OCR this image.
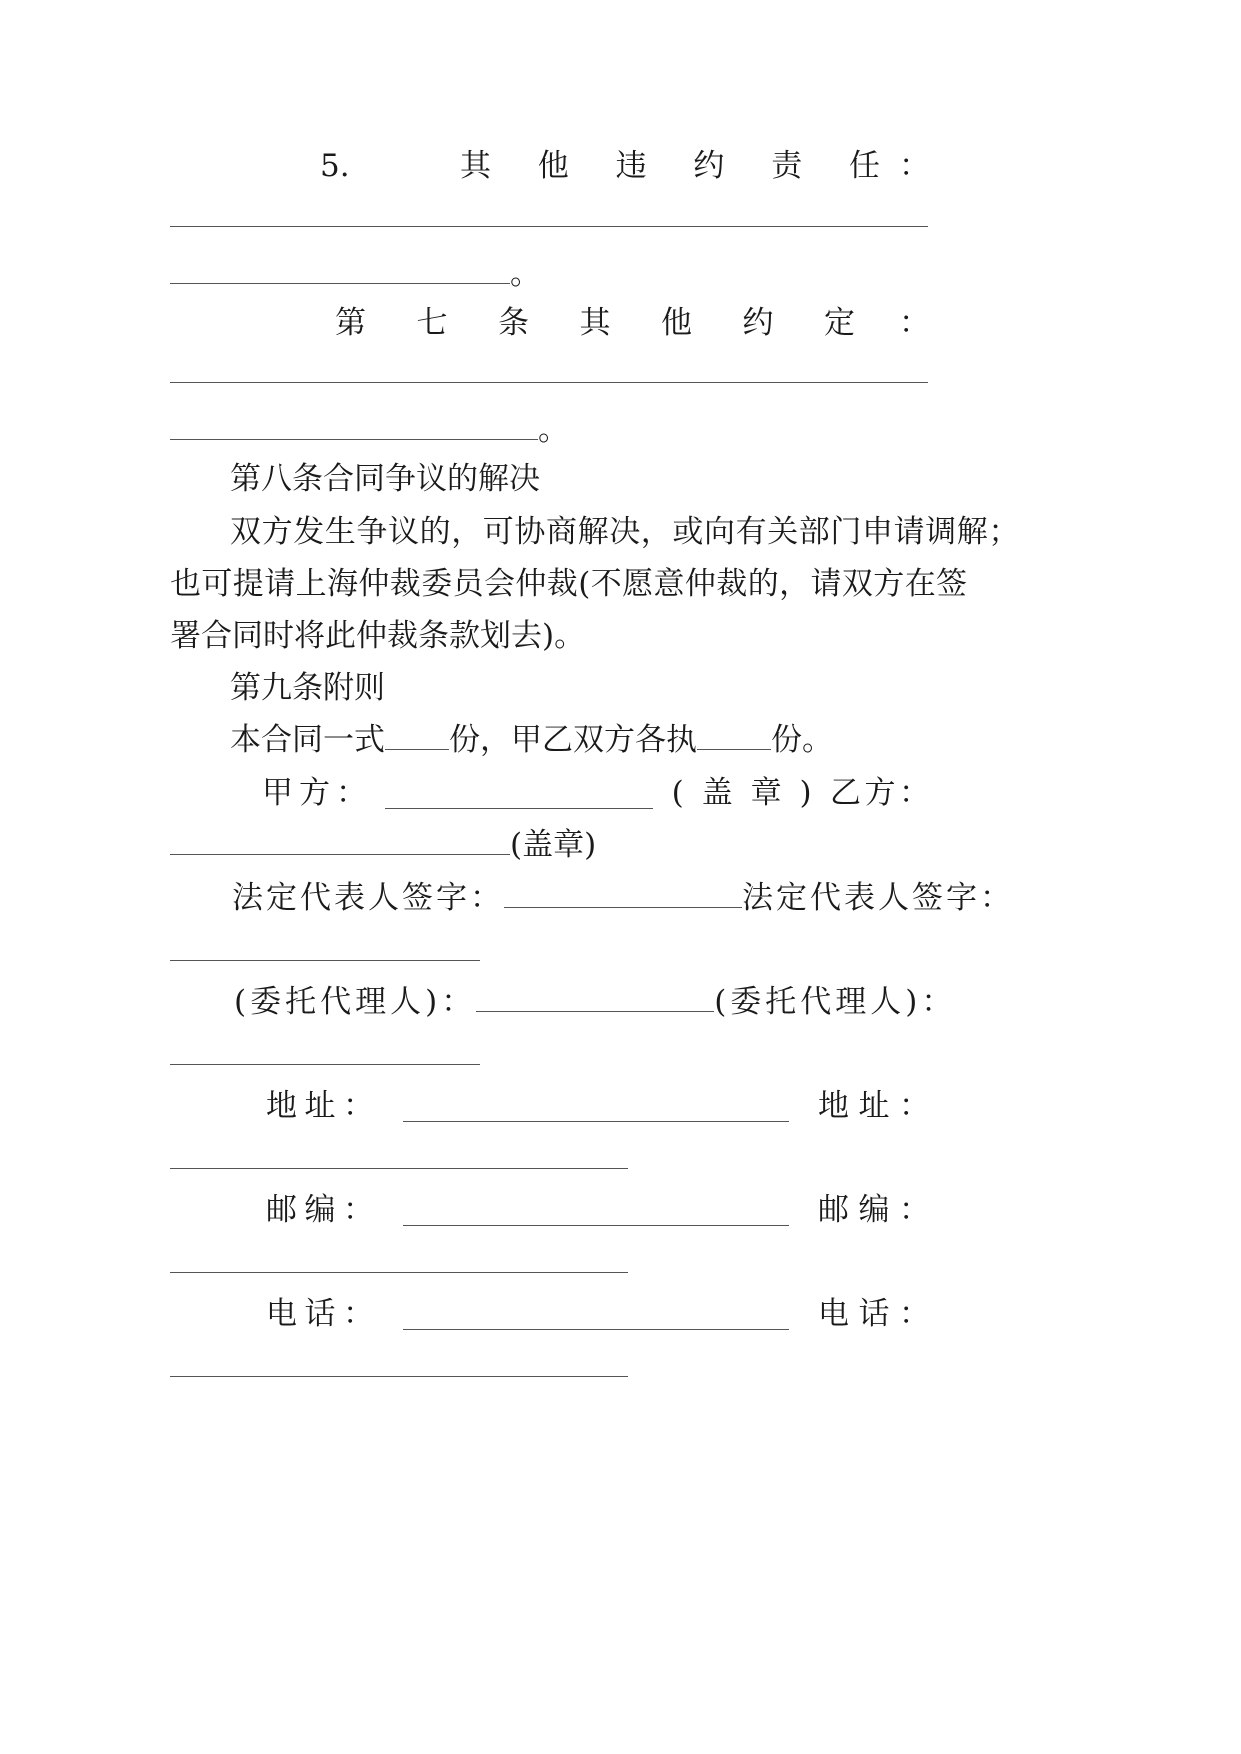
5.	其 他 违 约 责 任 ：
。
第 七 条 其 他 约 定 ：
。
第八条合同争议的解决
双方发生争议的，可协商解决，或向有关部门申请调解；
也可提请上海仲裁委员会仲裁(不愿意仲裁的，请双方在签
署合同时将此仲裁条款划去)。
第九条附则
本合同一式 份，甲乙双方各执 份。
甲 方 ：	( 盖 章 ) 乙 方 ：
(盖章)
法定代表人签字：	法定代表人签字：
(委托代理人)：	(委托代理人)：
地 址 ：	地 址 ：
邮 编 ：	邮 编 ：
电 话 ：	电 话 ：
